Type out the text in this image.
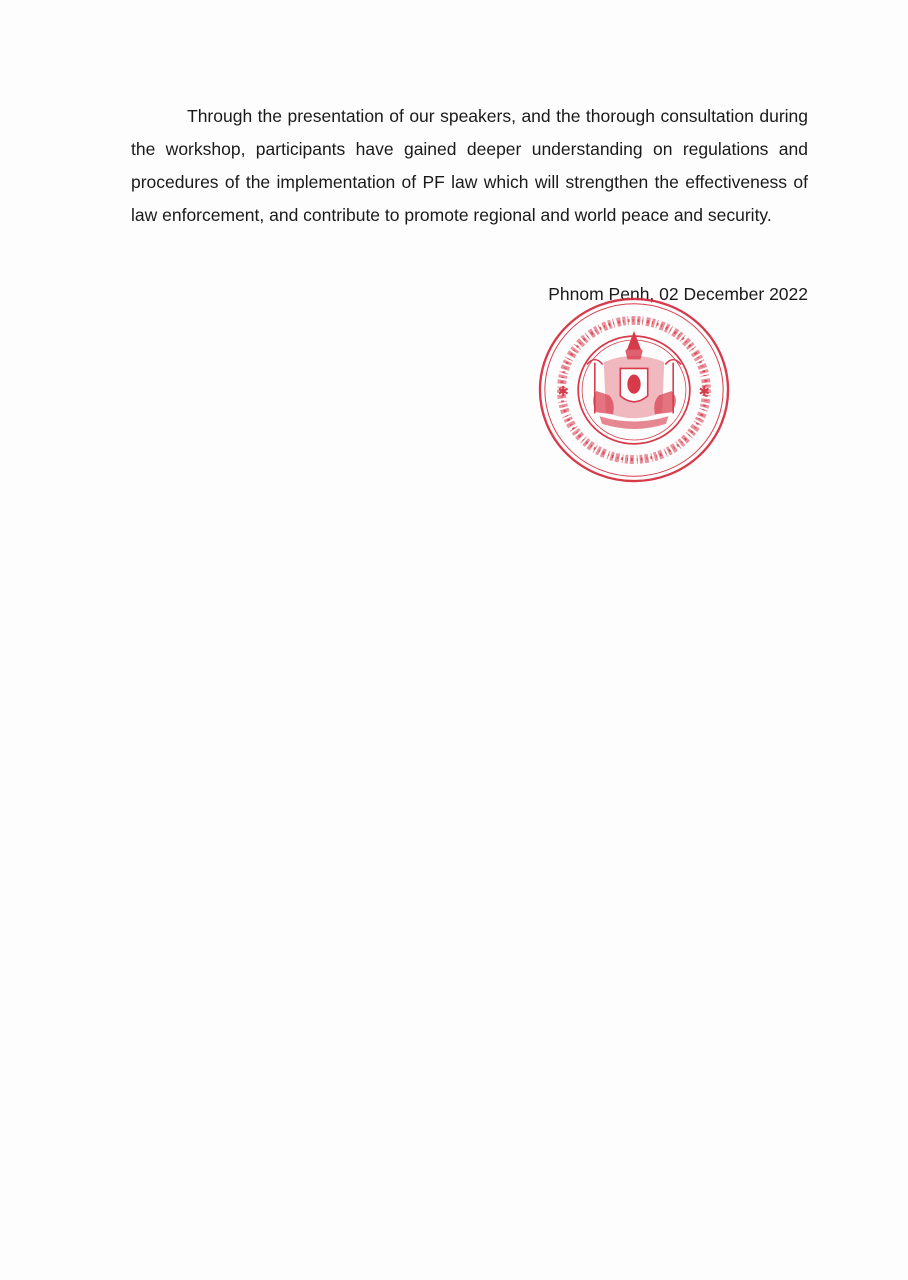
Through the presentation of our speakers, and the thorough consultation during the workshop, participants have gained deeper understanding on regulations and procedures of the implementation of PF law which will strengthen the effectiveness of law enforcement, and contribute to promote regional and world peace and security.

Phnom Penh, 02 December 2022
✱	✱
